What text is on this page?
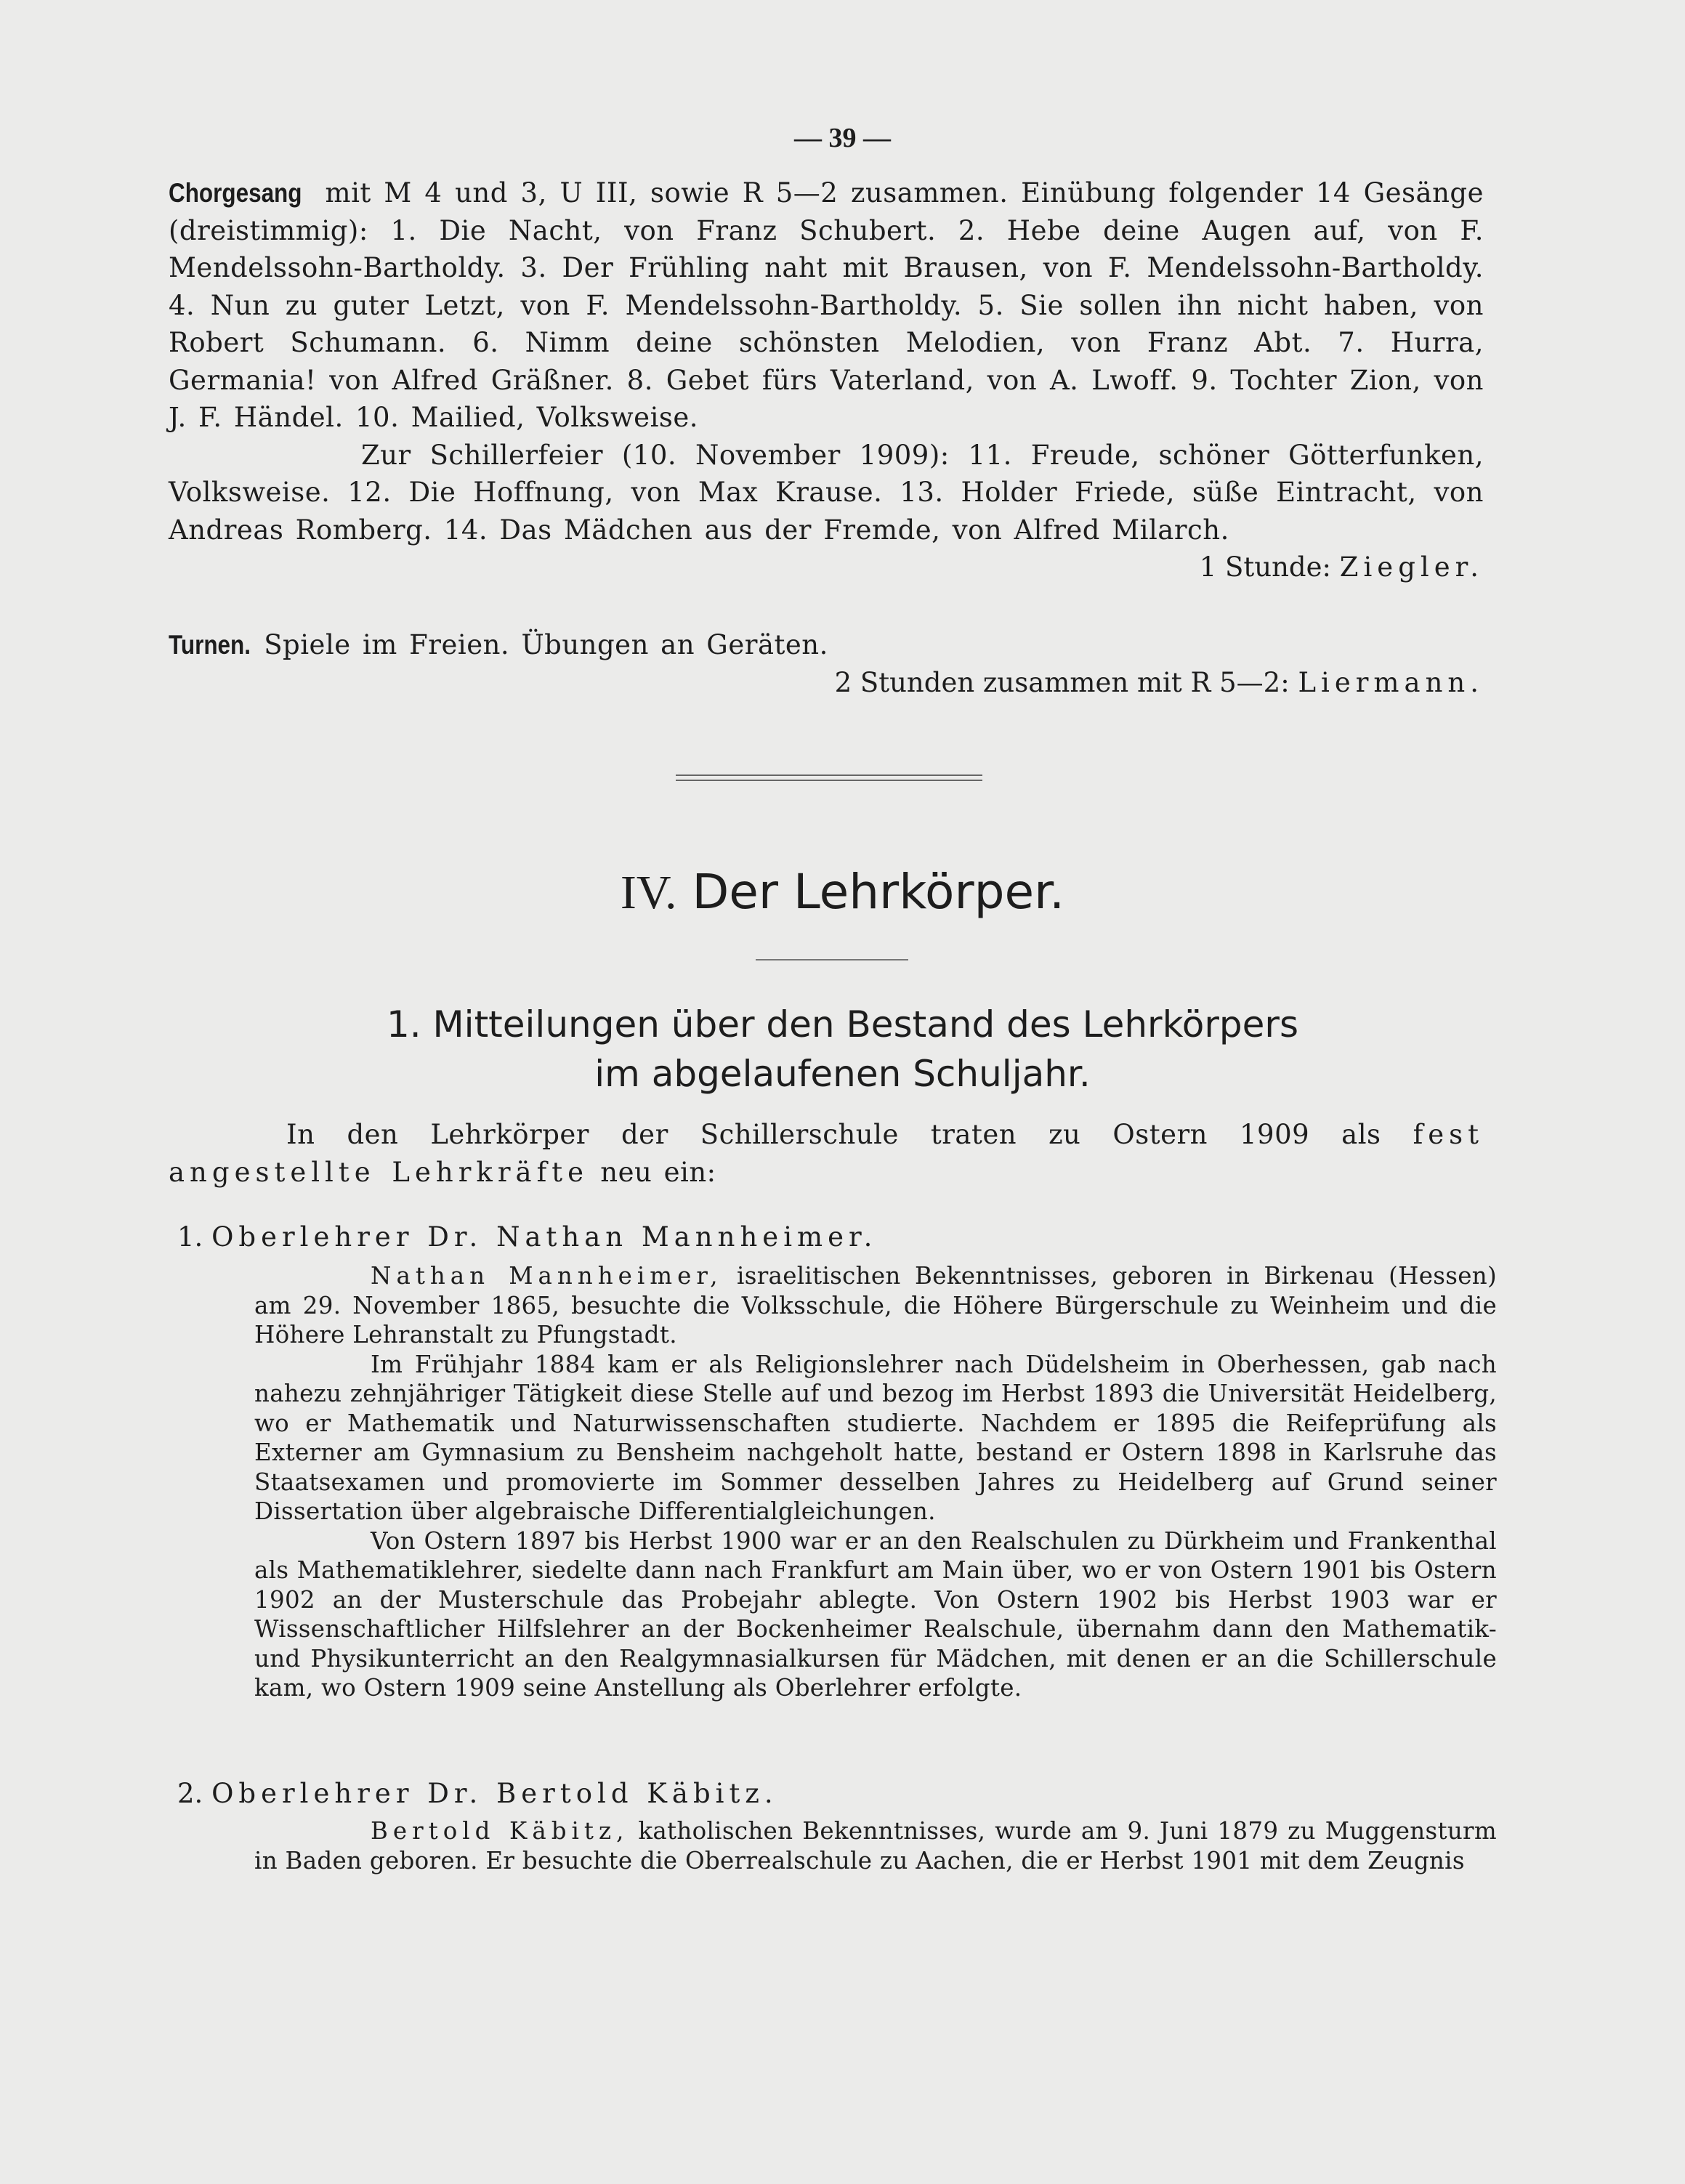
— 39 —

Chorgesang mit M 4 und 3, U III, sowie R 5—2 zusammen. Einübung folgender 14 Gesänge (dreistimmig): 1. Die Nacht, von Franz Schubert. 2. Hebe deine Augen auf, von F. Mendelssohn-Bartholdy. 3. Der Frühling naht mit Brausen, von F. Mendelssohn-Bartholdy. 4. Nun zu guter Letzt, von F. Mendelssohn-Bartholdy. 5. Sie sollen ihn nicht haben, von Robert Schumann. 6. Nimm deine schönsten Melodien, von Franz Abt. 7. Hurra, Germania! von Alfred Gräßner. 8. Gebet fürs Vaterland, von A. Lwoff. 9. Tochter Zion, von J. F. Händel. 10. Mailied, Volksweise.

Zur Schillerfeier (10. November 1909): 11. Freude, schöner Götterfunken, Volksweise. 12. Die Hoffnung, von Max Krause. 13. Holder Friede, süße Eintracht, von Andreas Romberg. 14. Das Mädchen aus der Fremde, von Alfred Milarch.

1 Stunde: Ziegler.

Turnen. Spiele im Freien. Übungen an Geräten.

2 Stunden zusammen mit R 5—2: Liermann.

IV. Der Lehrkörper.
1. Mitteilungen über den Bestand des Lehrkörpers
im abgelaufenen Schuljahr.

In den Lehrkörper der Schillerschule traten zu Ostern 1909 als fest angestellte Lehrkräfte neu ein:

1. Oberlehrer Dr. Nathan Mannheimer.

Nathan Mannheimer, israelitischen Bekenntnisses, geboren in Birkenau (Hessen) am 29. November 1865, besuchte die Volksschule, die Höhere Bürgerschule zu Weinheim und die Höhere Lehranstalt zu Pfungstadt.

Im Frühjahr 1884 kam er als Religionslehrer nach Düdelsheim in Oberhessen, gab nach nahezu zehnjähriger Tätigkeit diese Stelle auf und bezog im Herbst 1893 die Universität Heidelberg, wo er Mathematik und Naturwissenschaften studierte. Nachdem er 1895 die Reifeprüfung als Externer am Gymnasium zu Bensheim nachgeholt hatte, bestand er Ostern 1898 in Karlsruhe das Staatsexamen und promovierte im Sommer desselben Jahres zu Heidelberg auf Grund seiner Dissertation über algebraische Differentialgleichungen.

Von Ostern 1897 bis Herbst 1900 war er an den Realschulen zu Dürkheim und Frankenthal als Mathematiklehrer, siedelte dann nach Frankfurt am Main über, wo er von Ostern 1901 bis Ostern 1902 an der Musterschule das Probejahr ablegte. Von Ostern 1902 bis Herbst 1903 war er Wissenschaftlicher Hilfslehrer an der Bockenheimer Realschule, übernahm dann den Mathematik- und Physikunterricht an den Realgymnasialkursen für Mädchen, mit denen er an die Schillerschule kam, wo Ostern 1909 seine Anstellung als Oberlehrer erfolgte.

2. Oberlehrer Dr. Bertold Käbitz.

Bertold Käbitz, katholischen Bekenntnisses, wurde am 9. Juni 1879 zu Muggensturm in Baden geboren. Er besuchte die Oberrealschule zu Aachen, die er Herbst 1901 mit dem Zeugnis
